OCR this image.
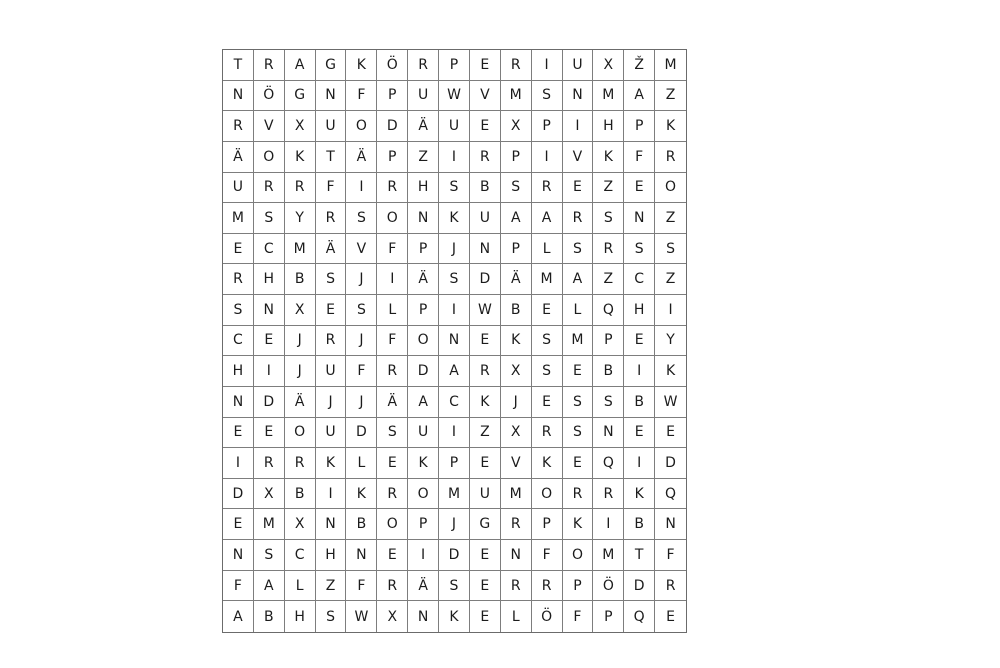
T	R	A	G	K	Ö	R	P	E	R	I	U	X	Ž	M
N	Ö	G	N	F	P	U	W	V	M	S	N	M	A	Z
R	V	X	U	O	D	Ä	U	E	X	P	I	H	P	K
Ä	O	K	T	Ä	P	Z	I	R	P	I	V	K	F	R
U	R	R	F	I	R	H	S	B	S	R	E	Z	E	O
M	S	Y	R	S	O	N	K	U	A	A	R	S	N	Z
E	C	M	Ä	V	F	P	J	N	P	L	S	R	S	S
R	H	B	S	J	I	Ä	S	D	Ä	M	A	Z	C	Z
S	N	X	E	S	L	P	I	W	B	E	L	Q	H	I
C	E	J	R	J	F	O	N	E	K	S	M	P	E	Y
H	I	J	U	F	R	D	A	R	X	S	E	B	I	K
N	D	Ä	J	J	Ä	A	C	K	J	E	S	S	B	W
E	E	O	U	D	S	U	I	Z	X	R	S	N	E	E
I	R	R	K	L	E	K	P	E	V	K	E	Q	I	D
D	X	B	I	K	R	O	M	U	M	O	R	R	K	Q
E	M	X	N	B	O	P	J	G	R	P	K	I	B	N
N	S	C	H	N	E	I	D	E	N	F	O	M	T	F
F	A	L	Z	F	R	Ä	S	E	R	R	P	Ö	D	R
A	B	H	S	W	X	N	K	E	L	Ö	F	P	Q	E
